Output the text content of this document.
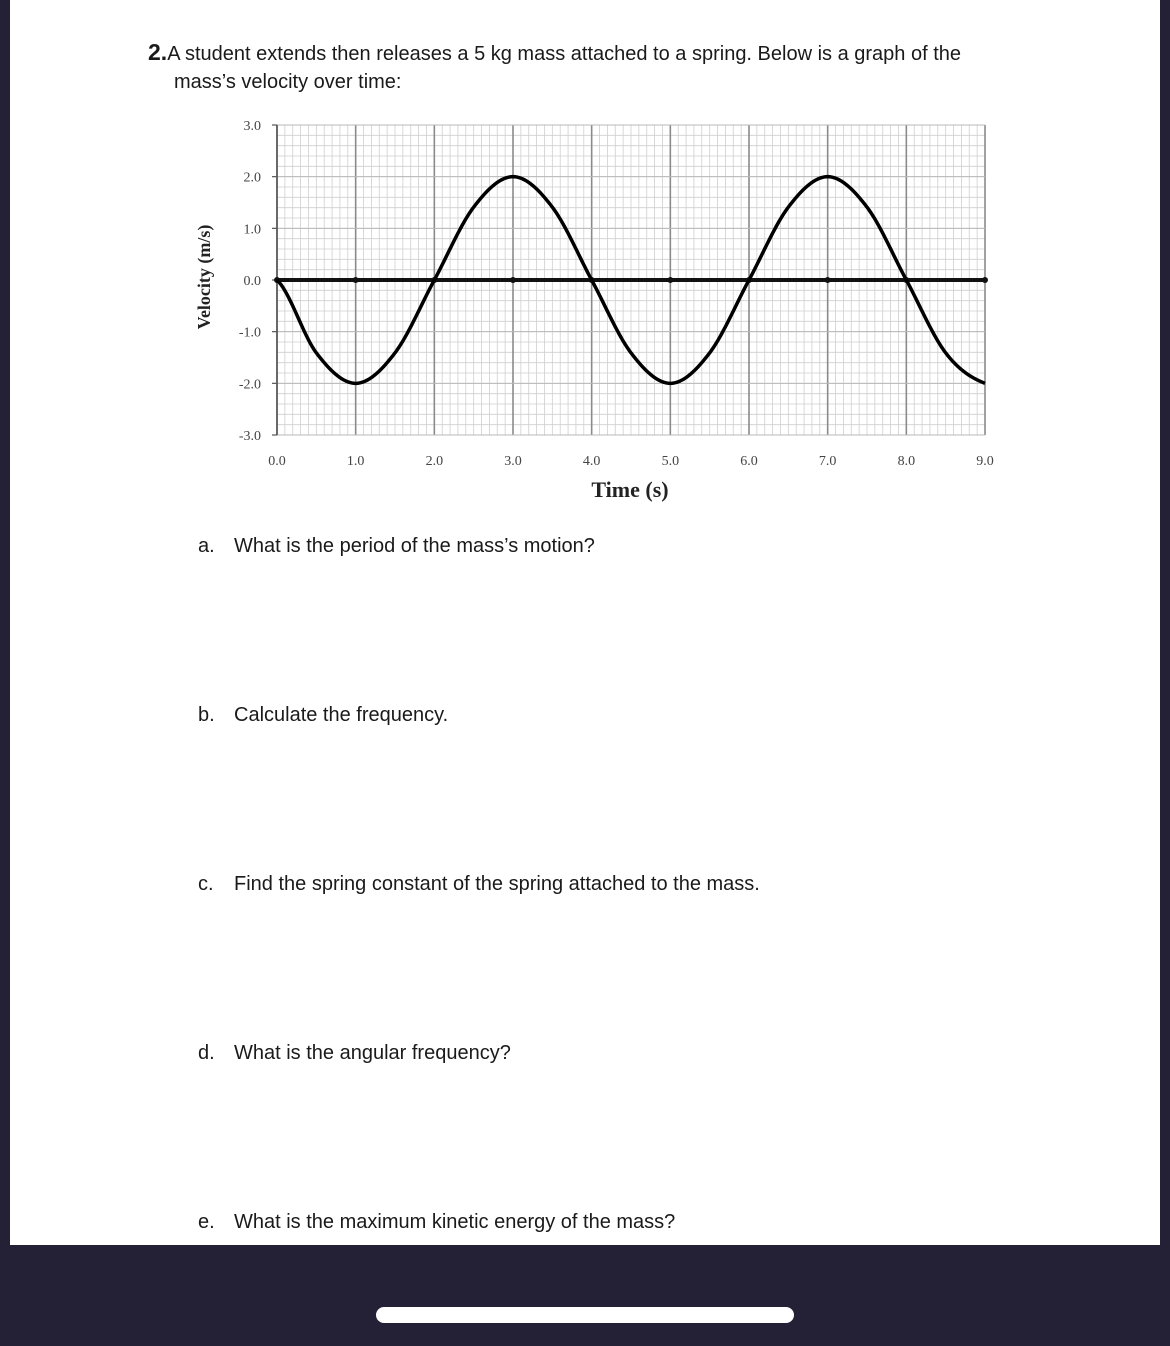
2.A student extends then releases a 5 kg mass attached to a spring. Below is a graph of the
mass’s velocity over time:
3.0
2.0
1.0
0.0
-1.0
-2.0
-3.0
0.0	1.0	2.0	3.0	4.0	5.0	6.0	7.0	8.0	9.0
Velocity (m/s)
Time (s)
a. What is the period of the mass’s motion?
b. Calculate the frequency.
c. Find the spring constant of the spring attached to the mass.
d. What is the angular frequency?
e. What is the maximum kinetic energy of the mass?
